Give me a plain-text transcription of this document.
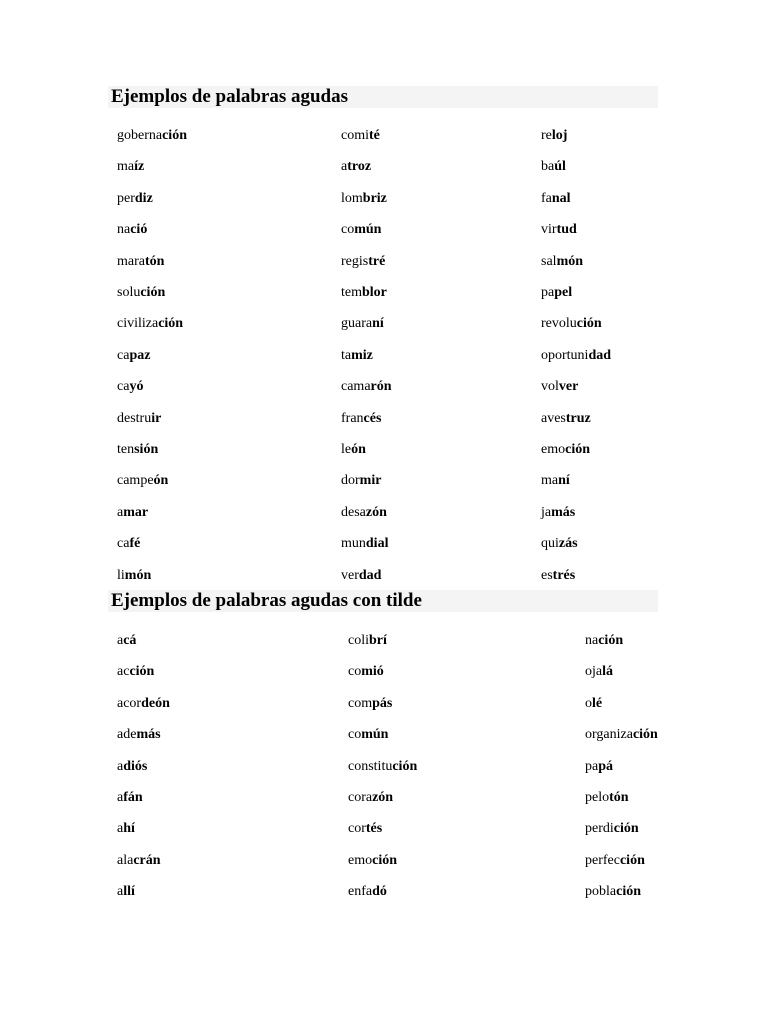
Ejemplos de palabras agudas
gobernación
maíz
perdiz
nació
maratón
solución
civilización
capaz
cayó
destruir
tensión
campeón
amar
café
limón
comité
atroz
lombriz
común
registré
temblor
guaraní
tamiz
camarón
francés
león
dormir
desazón
mundial
verdad
reloj
baúl
fanal
virtud
salmón
papel
revolución
oportunidad
volver
avestruz
emoción
maní
jamás
quizás
estrés
Ejemplos de palabras agudas con tilde
acá
acción
acordeón
además
adiós
afán
ahí
alacrán
allí
colibrí
comió
compás
común
constitución
corazón
cortés
emoción
enfadó
nación
ojalá
olé
organización
papá
pelotón
perdición
perfección
población
